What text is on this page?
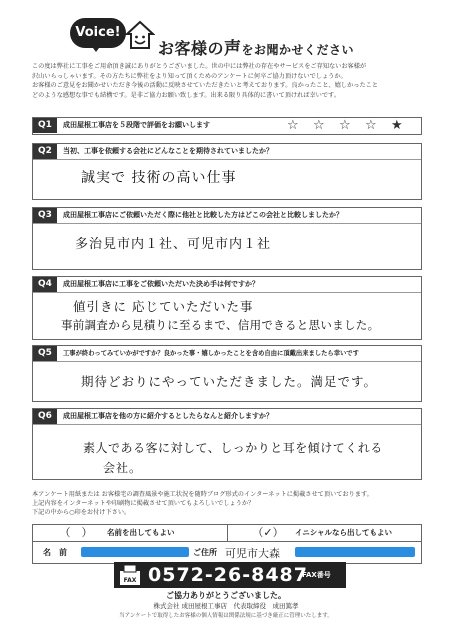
Voice!
お客様の声をお聞かせください

この度は弊社に工事をご用命頂き誠にありがとうございました。世の中には弊社の存在やサービスをご存知ないお客様が

沢山いらっしゃいます。その方たちに弊社をより知って頂くためのアンケートに何卒ご協力頂けないでしょうか。

お客様のご意見をお聞かせいただき今後の活動に反映させていただきたいと考えております。良かったこと、嬉しかったこと

どのような感想な事でも結構です。是非ご協力お願い致します。出来る限り具体的に書いて頂ければ幸いです。

Q1	成田屋根工事店を５段階で評価をお願いします	☆ ☆ ☆ ☆ ★
Q2	当初、工事を依頼する会社にどんなことを期待されていましたか？
誠実で 技術の高い仕事
Q3	成田屋根工事店にご依頼いただく際に他社と比較した方はどこの会社と比較しましたか？
多治見市内１社、可児市内１社
Q4	成田屋根工事店に工事をご依頼いただいた決め手は何ですか？
値引きに 応じていただいた事
事前調査から見積りに至るまで、信用できると思いました。
Q5	工事が終わってみていかがですか？良かった事・嬉しかったことを含め自由に頂戴出来ましたら幸いです
期待どおりにやっていただきました。満足です。
Q6	成田屋根工事店を他の方に紹介するとしたらなんと紹介しますか？
素人である客に対して、しっかりと耳を傾けてくれる
会社。
本アンケート用紙または お客様宅の調査風景や施工状況を随時ブログ形式のインターネットに掲載させて頂いております。
上記内容をインターネットや印刷物に掲載させて頂いてもよろしいでしょうか？
下記の中から○印をお付け下さい。
（　）	名前を出してもよい	（✓）	イニシャルなら出してもよい
名　前	ご住所 可児市大森
FAX 0572-26-8487
FAX番号
ご協力ありがとうございました。
株式会社 成田屋根工事店　代表取締役　成田篤孝
当アンケートで取得したお客様の個人情報は関係法規に基づき厳正に管理いたします。
